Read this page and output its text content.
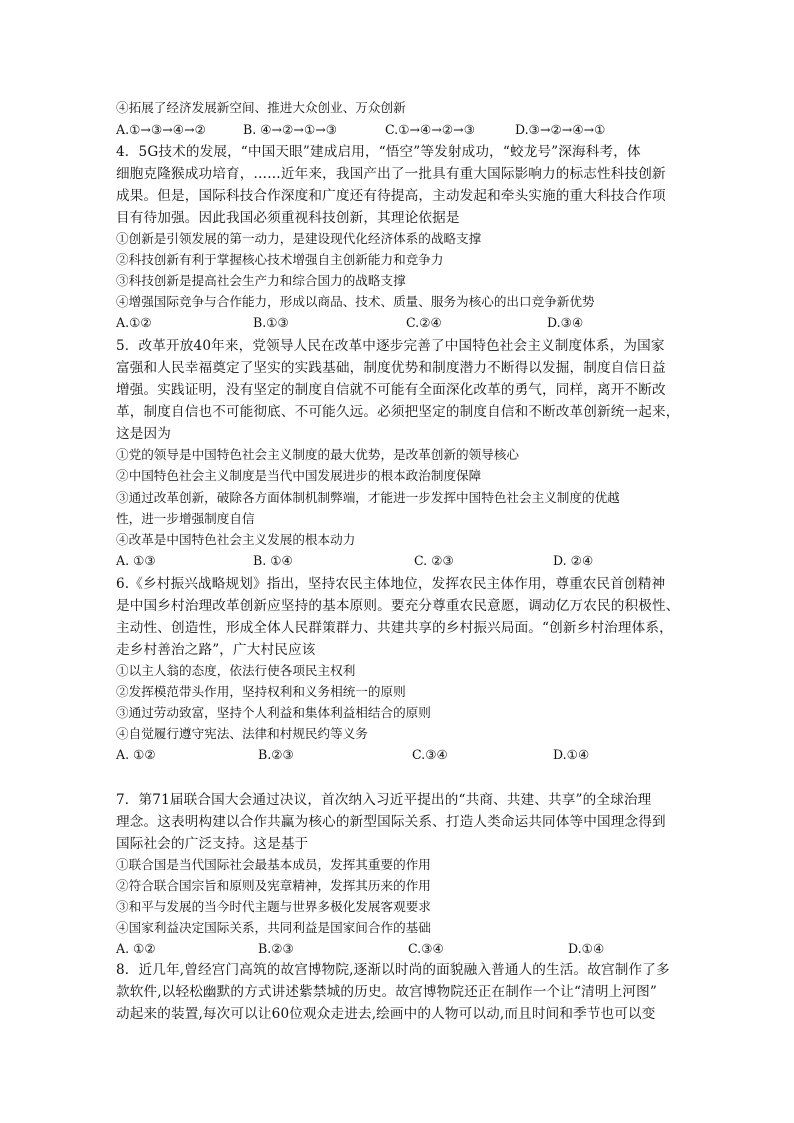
④拓展了经济发展新空间、推进大众创业、万众创新
A.①→③→④→②	B. ④→②→①→③	C.①→④→②→③	D.③→②→④→①
4．5G技术的发展，“中国天眼”建成启用，“悟空”等发射成功，“蛟龙号”深海科考，体
细胞克隆猴成功培育，……近年来，我国产出了一批具有重大国际影响力的标志性科技创新
成果。但是，国际科技合作深度和广度还有待提高，主动发起和牵头实施的重大科技合作项
目有待加强。因此我国必须重视科技创新，其理论依据是
①创新是引领发展的第一动力，是建设现代化经济体系的战略支撑
②科技创新有利于掌握核心技术增强自主创新能力和竞争力
③科技创新是提高社会生产力和综合国力的战略支撑
④增强国际竞争与合作能力，形成以商品、技术、质量、服务为核心的出口竞争新优势
A.①②	B.①③	C.②④	D.③④
5．改革开放40年来，党领导人民在改革中逐步完善了中国特色社会主义制度体系，为国家
富强和人民幸福奠定了坚实的实践基础，制度优势和制度潜力不断得以发掘，制度自信日益
增强。实践证明，没有坚定的制度自信就不可能有全面深化改革的勇气，同样，离开不断改
革，制度自信也不可能彻底、不可能久远。必须把坚定的制度自信和不断改革创新统一起来，
这是因为
①党的领导是中国特色社会主义制度的最大优势，是改革创新的领导核心
②中国特色社会主义制度是当代中国发展进步的根本政治制度保障
③通过改革创新，破除各方面体制机制弊端，才能进一步发挥中国特色社会主义制度的优越
性，进一步增强制度自信
④改革是中国特色社会主义发展的根本动力
A. ①③	B. ①④	C. ②③	D. ②④
6.《乡村振兴战略规划》指出，坚持农民主体地位，发挥农民主体作用，尊重农民首创精神
是中国乡村治理改革创新应坚持的基本原则。要充分尊重农民意愿，调动亿万农民的积极性、
主动性、创造性，形成全体人民群策群力、共建共享的乡村振兴局面。“创新乡村治理体系，
走乡村善治之路”，广大村民应该
①以主人翁的态度，依法行使各项民主权利
②发挥模范带头作用，坚持权利和义务相统一的原则
③通过劳动致富，坚持个人利益和集体利益相结合的原则
④自觉履行遵守宪法、法律和村规民约等义务
A. ①②	B.②③	C.③④	D.①④
7．第71届联合国大会通过决议，首次纳入习近平提出的“共商、共建、共享”的全球治理
理念。这表明构建以合作共赢为核心的新型国际关系、打造人类命运共同体等中国理念得到
国际社会的广泛支持。这是基于
①联合国是当代国际社会最基本成员，发挥其重要的作用
②符合联合国宗旨和原则及宪章精神，发挥其历来的作用
③和平与发展的当今时代主题与世界多极化发展客观要求
④国家利益决定国际关系，共同利益是国家间合作的基础
A. ①②	B.②③	C.③④	D.①④
8．近几年,曾经宫门高筑的故宫博物院,逐渐以时尚的面貌融入普通人的生活。故宫制作了多
款软件,以轻松幽默的方式讲述紫禁城的历史。故宫博物院还正在制作一个让“清明上河图”
动起来的装置,每次可以让60位观众走进去,绘画中的人物可以动,而且时间和季节也可以变
